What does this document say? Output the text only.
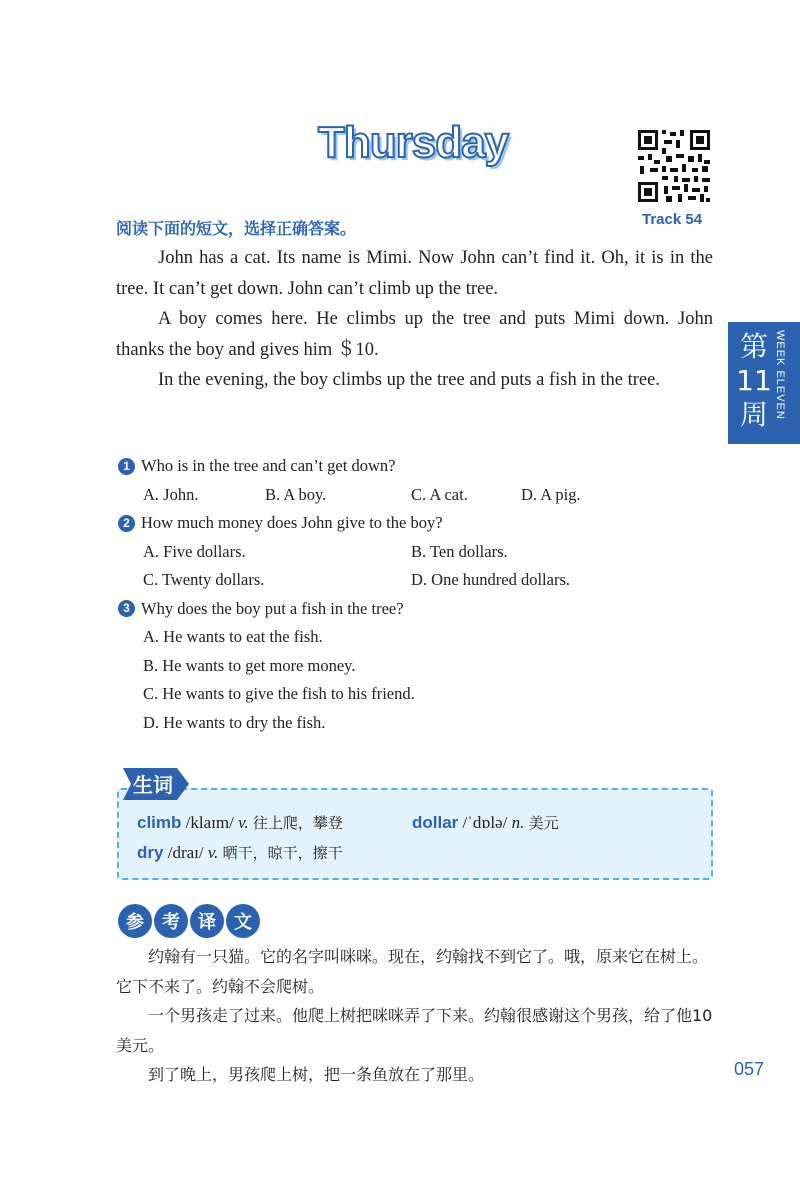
Thursday
Track 54
阅读下面的短文，选择正确答案。

John has a cat. Its name is Mimi. Now John can’t find it. Oh, it is in the tree. It can’t get down. John can’t climb up the tree.

A boy comes here. He climbs up the tree and puts Mimi down. John thanks the boy and gives him ＄10.

In the evening, the boy climbs up the tree and puts a fish in the tree.

第
11
周 WEEK ELEVEN
1 Who is in the tree and can’t get down?
A. John.	B. A boy.	C. A cat.	D. A pig.
2 How much money does John give to the boy?
A. Five dollars.	B. Ten dollars.
C. Twenty dollars.	D. One hundred dollars.
3 Why does the boy put a fish in the tree?
A. He wants to eat the fish.
B. He wants to get more money.
C. He wants to give the fish to his friend.
D. He wants to dry the fish.
climb /klaɪm/ v. 往上爬，攀登	dollar /ˈdɒlə/ n. 美元
dry /draɪ/ v. 晒干，晾干，擦干
生词
参 考 译 文

约翰有一只猫。它的名字叫咪咪。现在，约翰找不到它了。哦，原来它在树上。它下不来了。约翰不会爬树。

一个男孩走了过来。他爬上树把咪咪弄了下来。约翰很感谢这个男孩，给了他10美元。

到了晚上，男孩爬上树，把一条鱼放在了那里。	057
